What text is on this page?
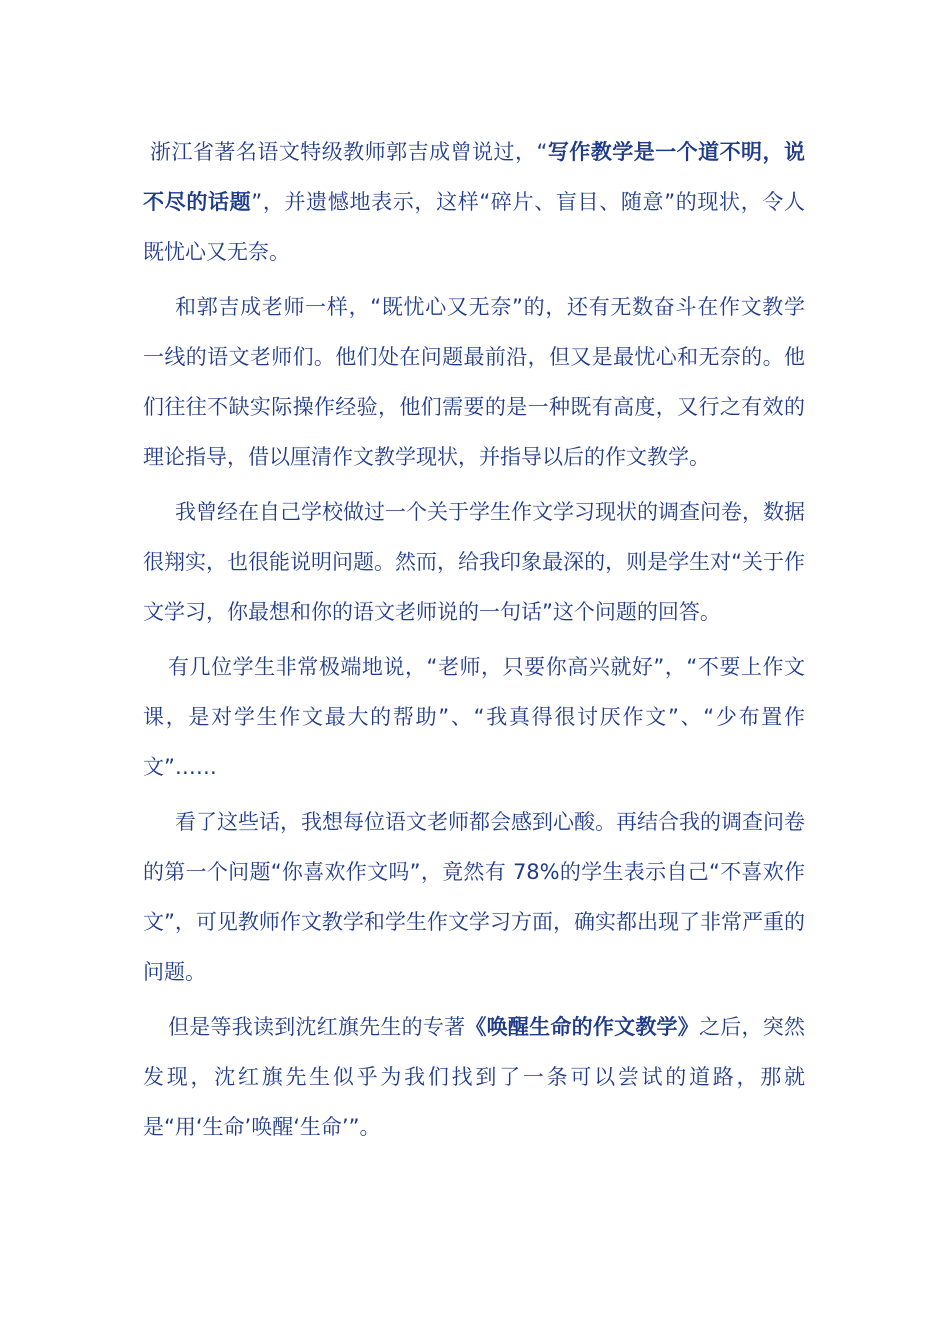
浙江省著名语文特级教师郭吉成曾说过，“写作教学是一个道不明，说不尽的话题”，并遗憾地表示，这样“碎片、盲目、随意”的现状，令人既忧心又无奈。

和郭吉成老师一样，“既忧心又无奈”的，还有无数奋斗在作文教学一线的语文老师们。他们处在问题最前沿，但又是最忧心和无奈的。他们往往不缺实际操作经验，他们需要的是一种既有高度，又行之有效的理论指导，借以厘清作文教学现状，并指导以后的作文教学。

我曾经在自己学校做过一个关于学生作文学习现状的调查问卷，数据很翔实，也很能说明问题。然而，给我印象最深的，则是学生对“关于作文学习，你最想和你的语文老师说的一句话”这个问题的回答。

有几位学生非常极端地说，“老师，只要你高兴就好”，“不要上作文课，是对学生作文最大的帮助”、“我真得很讨厌作文”、“少布置作文”……

看了这些话，我想每位语文老师都会感到心酸。再结合我的调查问卷的第一个问题“你喜欢作文吗”，竟然有 78%的学生表示自己“不喜欢作文”，可见教师作文教学和学生作文学习方面，确实都出现了非常严重的问题。

但是等我读到沈红旗先生的专著《唤醒生命的作文教学》之后，突然发现，沈红旗先生似乎为我们找到了一条可以尝试的道路，那就是“用‘生命’唤醒‘生命’”。
